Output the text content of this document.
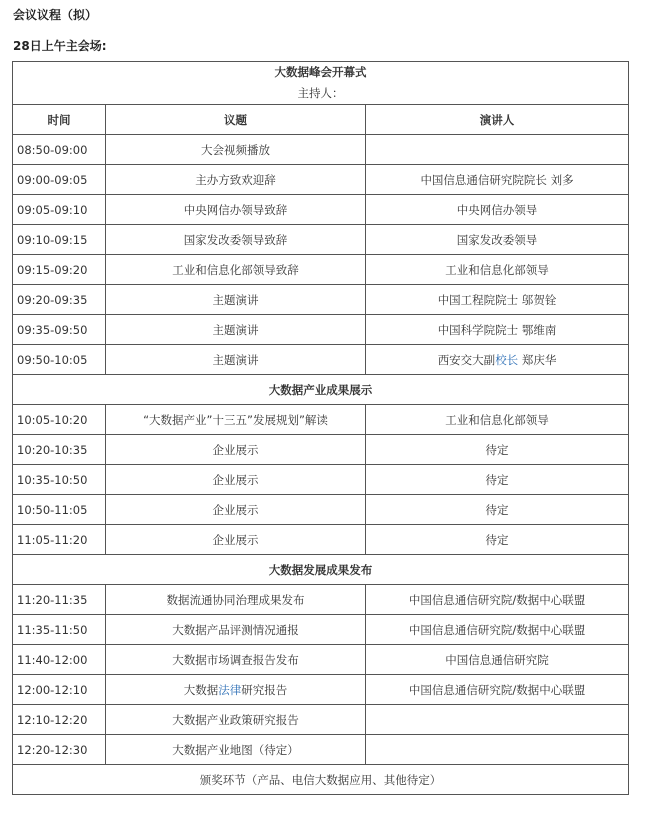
会议议程（拟）
28日上午主会场:
大数据峰会开幕式
主持人：		

时间	议题	演讲人
08:50-09:00	大会视频播放	
09:00-09:05	主办方致欢迎辞	中国信息通信研究院院长 刘多
09:05-09:10	中央网信办领导致辞	中央网信办领导
09:10-09:15	国家发改委领导致辞	国家发改委领导
09:15-09:20	工业和信息化部领导致辞	工业和信息化部领导
09:20-09:35	主题演讲	中国工程院院士 邬贺铨
09:35-09:50	主题演讲	中国科学院院士 鄂维南
09:50-10:05	主题演讲	西安交大副校长 郑庆华
大数据产业成果展示		
10:05-10:20	“大数据产业”十三五”发展规划”解读	工业和信息化部领导
10:20-10:35	企业展示	待定
10:35-10:50	企业展示	待定
10:50-11:05	企业展示	待定
11:05-11:20	企业展示	待定
大数据发展成果发布		
11:20-11:35	数据流通协同治理成果发布	中国信息通信研究院/数据中心联盟
11:35-11:50	大数据产品评测情况通报	中国信息通信研究院/数据中心联盟
11:40-12:00	大数据市场调查报告发布	中国信息通信研究院
12:00-12:10	大数据法律研究报告	中国信息通信研究院/数据中心联盟
12:10-12:20	大数据产业政策研究报告	
12:20-12:30	大数据产业地图（待定）	
颁奖环节（产品、电信大数据应用、其他待定）		
